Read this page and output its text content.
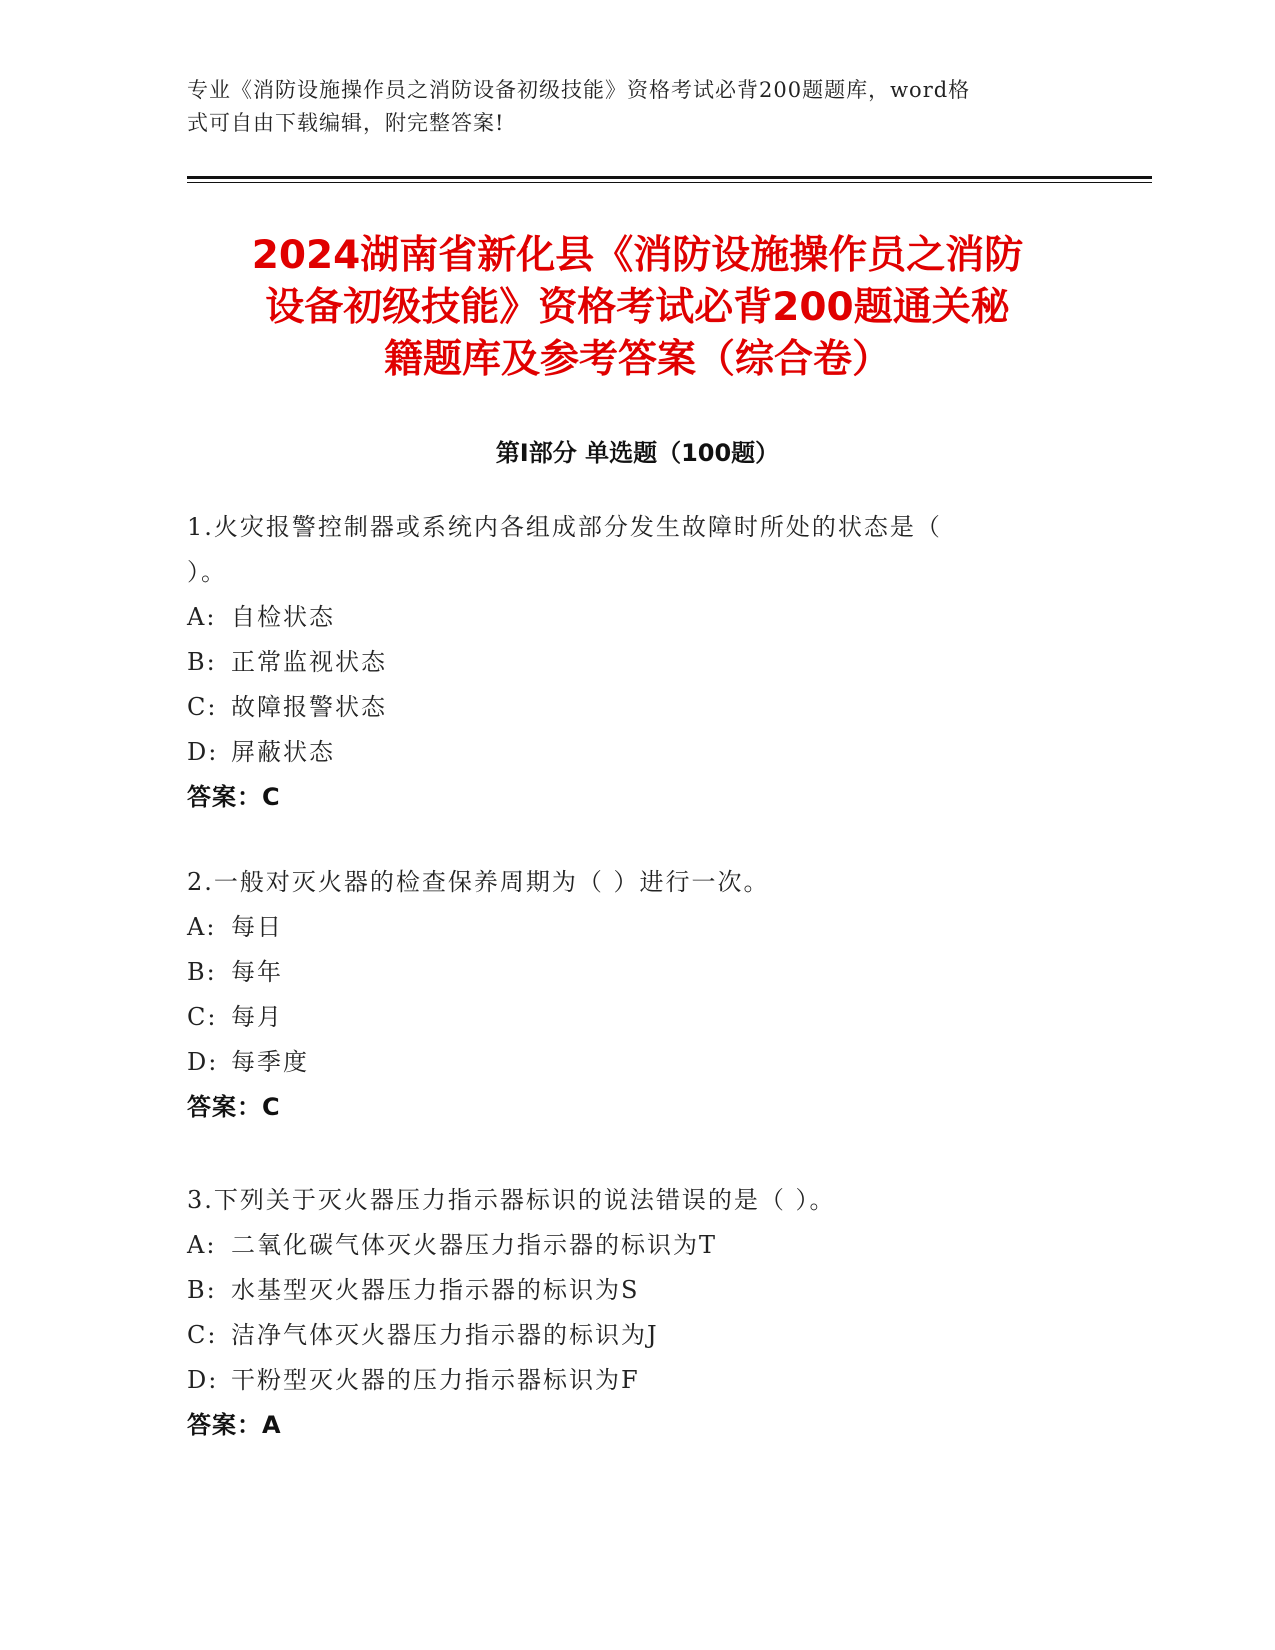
专业《消防设施操作员之消防设备初级技能》资格考试必背200题题库，word格
式可自由下载编辑，附完整答案!
2024湖南省新化县《消防设施操作员之消防
设备初级技能》资格考试必背200题通关秘
籍题库及参考答案（综合卷）
第Ⅰ部分 单选题（100题）
1.火灾报警控制器或系统内各组成部分发生故障时所处的状态是（
）。
A: 自检状态
B: 正常监视状态
C: 故障报警状态
D: 屏蔽状态
答案：C
2.一般对灭火器的检查保养周期为（ ）进行一次。
A: 每日
B: 每年
C: 每月
D: 每季度
答案：C
3.下列关于灭火器压力指示器标识的说法错误的是（ ）。
A: 二氧化碳气体灭火器压力指示器的标识为T
B: 水基型灭火器压力指示器的标识为S
C: 洁净气体灭火器压力指示器的标识为J
D: 干粉型灭火器的压力指示器标识为F
答案：A
